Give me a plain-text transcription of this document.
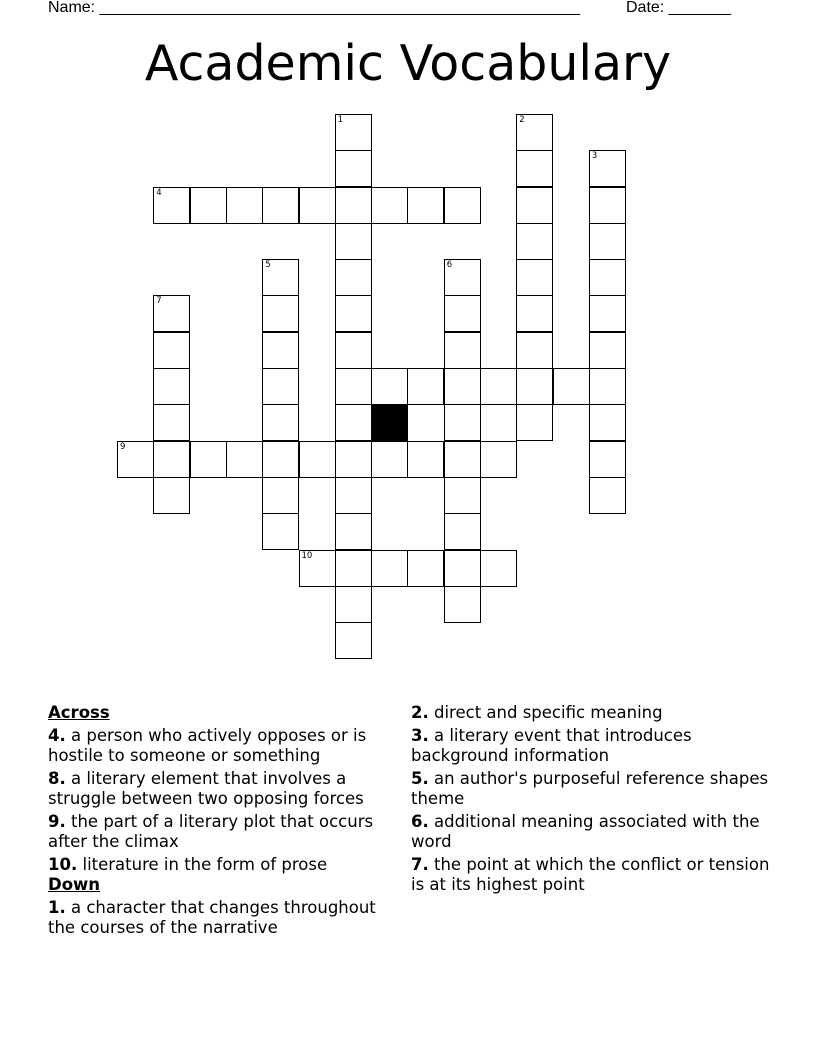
Name: ______________________________________________________	Date: _______
Academic Vocabulary
1	2
3
4
5	6
7
9
10
Across
4. a person who actively opposes or is hostile to someone or something
8. a literary element that involves a struggle between two opposing forces
9. the part of a literary plot that occurs after the climax
10. literature in the form of prose
Down
1. a character that changes throughout the courses of the narrative
2. direct and specific meaning
3. a literary event that introduces background information
5. an author's purposeful reference shapes theme
6. additional meaning associated with the word
7. the point at which the conflict or tension is at its highest point
